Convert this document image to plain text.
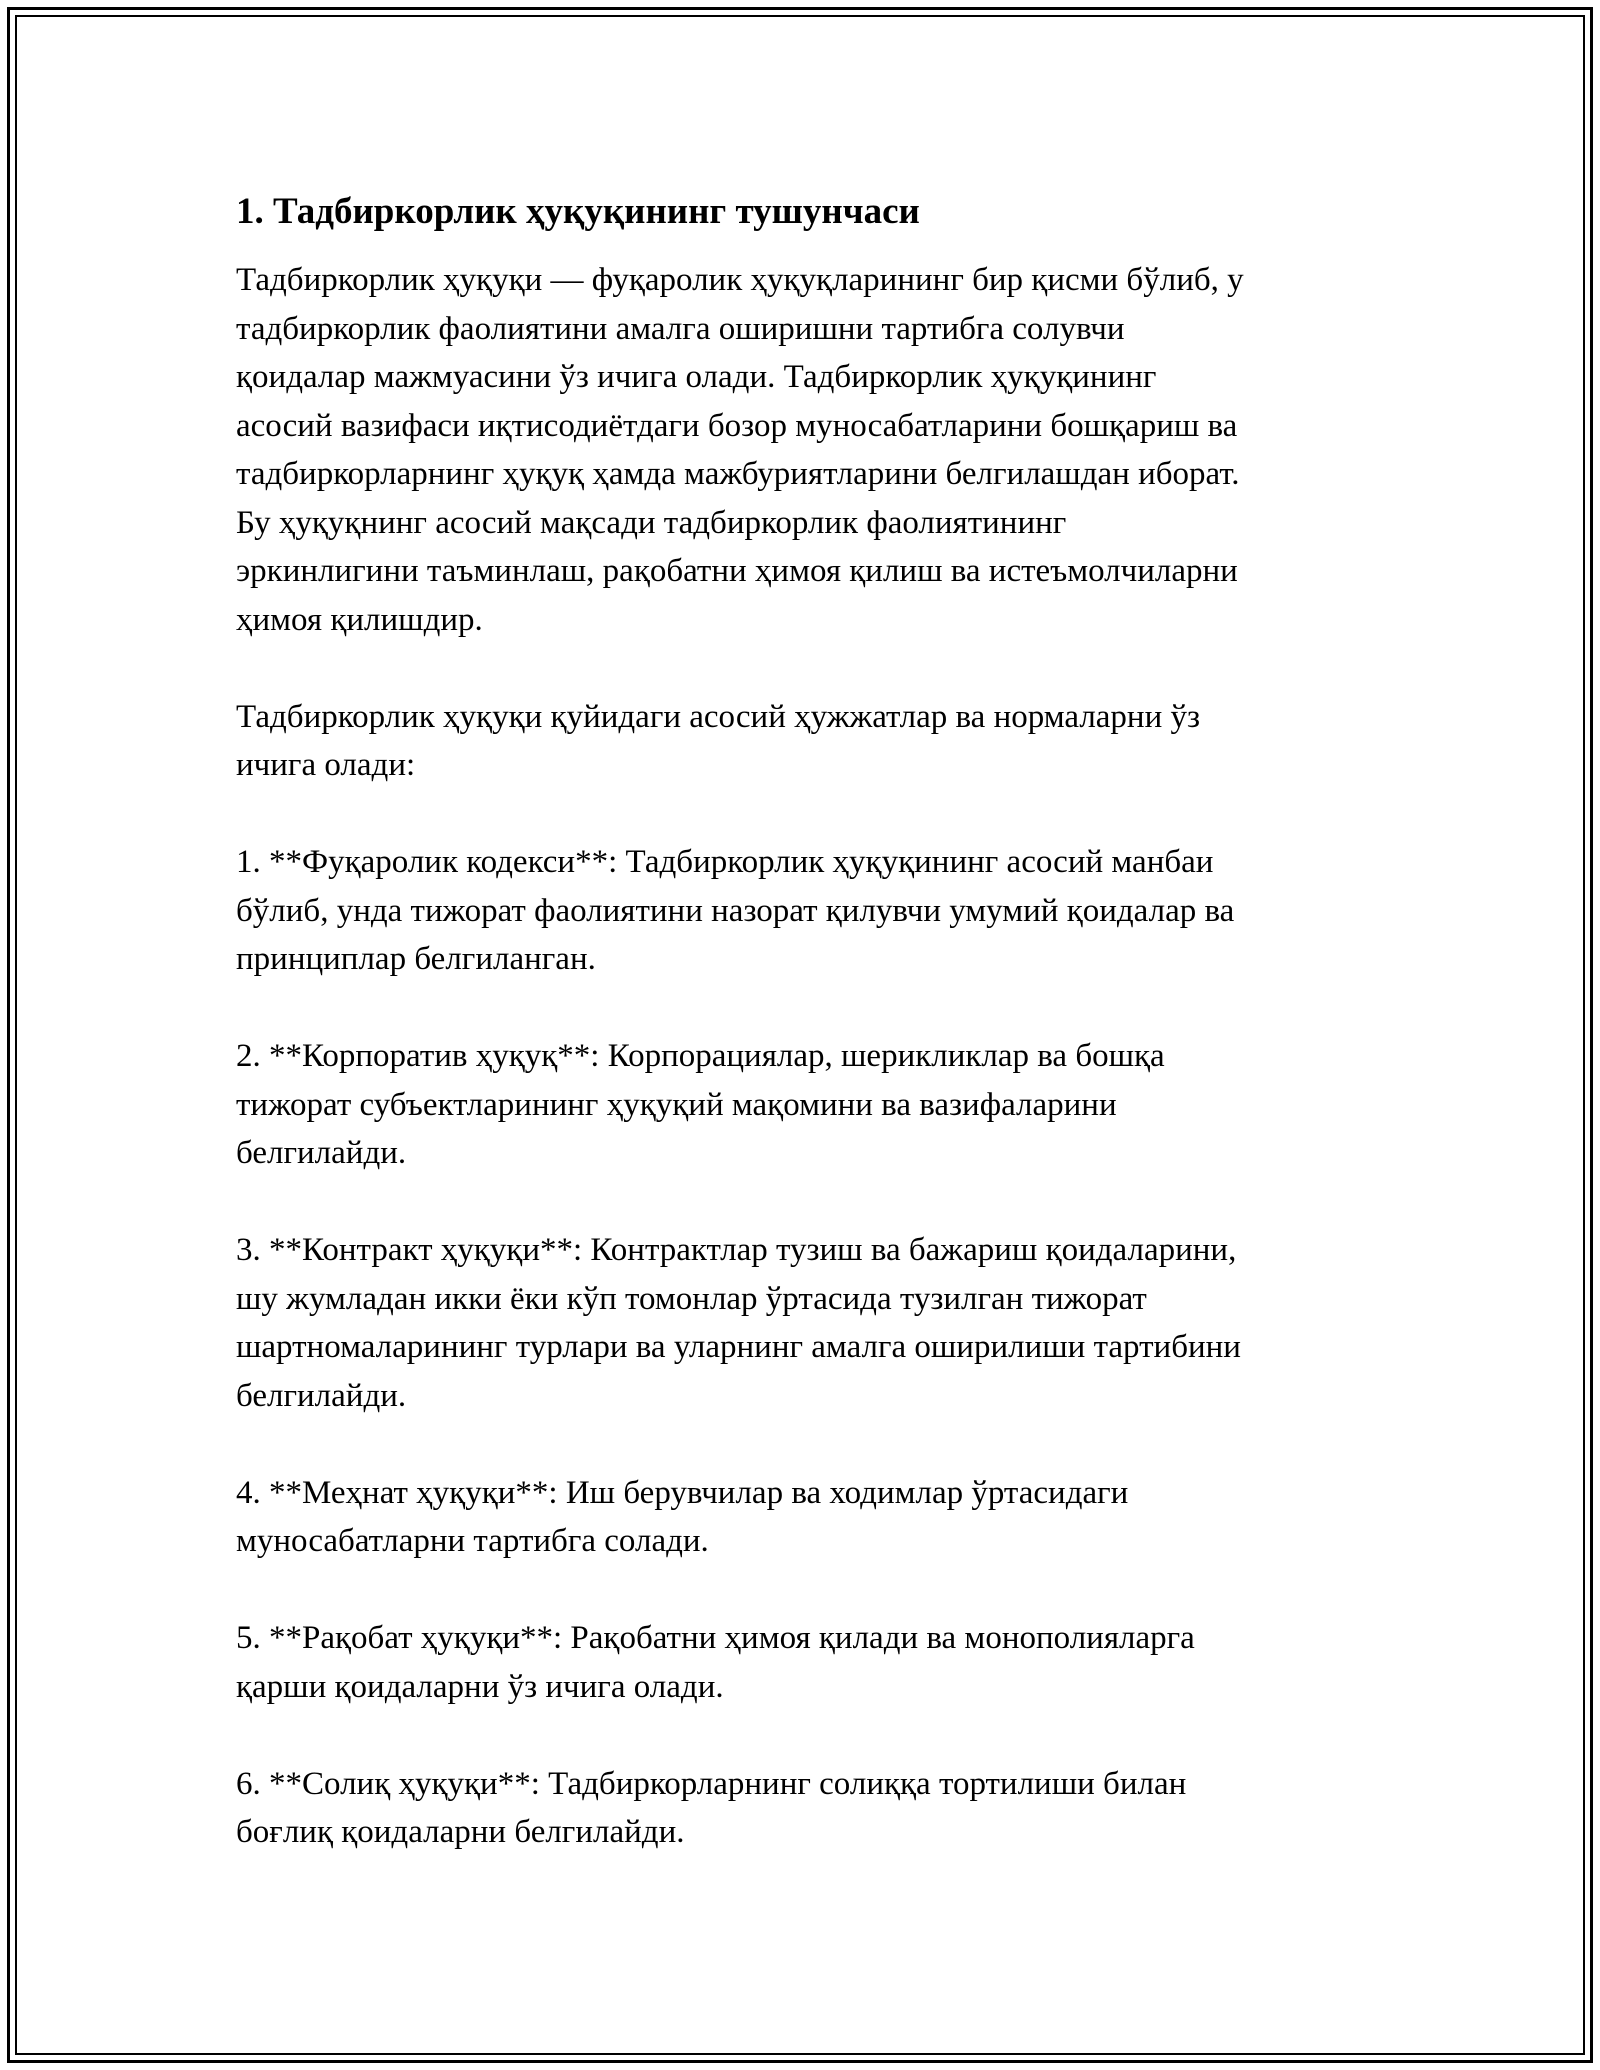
1. Тадбиркорлик ҳуқуқининг тушунчаси

Тадбиркорлик ҳуқуқи — фуқаролик ҳуқуқларининг бир қисми бўлиб, у
тадбиркорлик фаолиятини амалга оширишни тартибга солувчи
қоидалар мажмуасини ўз ичига олади. Тадбиркорлик ҳуқуқининг
асосий вазифаси иқтисодиётдаги бозор муносабатларини бошқариш ва
тадбиркорларнинг ҳуқуқ ҳамда мажбуриятларини белгилашдан иборат.
Бу ҳуқуқнинг асосий мақсади тадбиркорлик фаолиятининг
эркинлигини таъминлаш, рақобатни ҳимоя қилиш ва истеъмолчиларни
ҳимоя қилишдир.

Тадбиркорлик ҳуқуқи қуйидаги асосий ҳужжатлар ва нормаларни ўз
ичига олади:

1. **Фуқаролик кодекси**: Тадбиркорлик ҳуқуқининг асосий манбаи
бўлиб, унда тижорат фаолиятини назорат қилувчи умумий қоидалар ва
принциплар белгиланган.

2. **Корпоратив ҳуқуқ**: Корпорациялар, шерикликлар ва бошқа
тижорат субъектларининг ҳуқуқий мақомини ва вазифаларини
белгилайди.

3. **Контракт ҳуқуқи**: Контрактлар тузиш ва бажариш қоидаларини,
шу жумладан икки ёки кўп томонлар ўртасида тузилган тижорат
шартномаларининг турлари ва уларнинг амалга оширилиши тартибини
белгилайди.

4. **Меҳнат ҳуқуқи**: Иш берувчилар ва ходимлар ўртасидаги
муносабатларни тартибга солади.

5. **Рақобат ҳуқуқи**: Рақобатни ҳимоя қилади ва монополияларга
қарши қоидаларни ўз ичига олади.

6. **Солиқ ҳуқуқи**: Тадбиркорларнинг солиққа тортилиши билан
боғлиқ қоидаларни белгилайди.
